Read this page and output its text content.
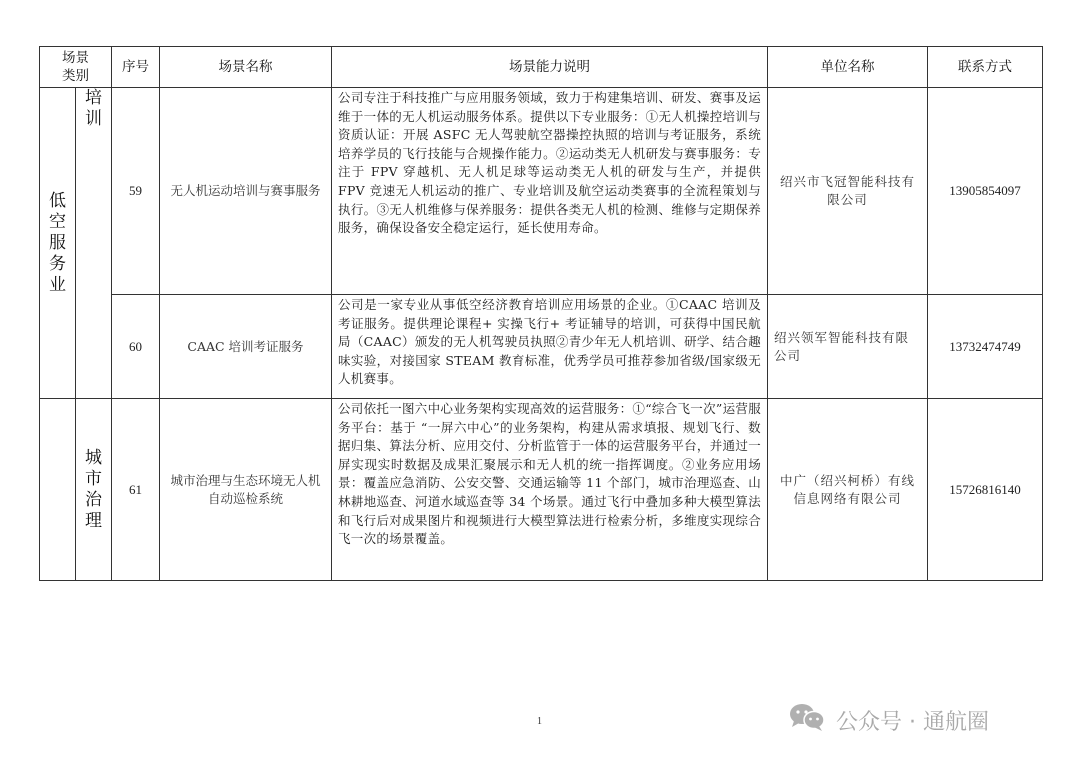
场景类别		序号	场景名称	场景能力说明	单位名称	联系方式
低空服务业	培训	59	无人机运动培训与赛事服务	公司专注于科技推广与应用服务领域，致力于构建集培训、研发、赛事及运维于一体的无人机运动服务体系。提供以下专业服务：①无人机操控培训与资质认证：开展 ASFC 无人驾驶航空器操控执照的培训与考证服务，系统培养学员的飞行技能与合规操作能力。②运动类无人机研发与赛事服务：专注于 FPV 穿越机、无人机足球等运动类无人机的研发与生产，并提供 FPV 竞速无人机运动的推广、专业培训及航空运动类赛事的全流程策划与执行。③无人机维修与保养服务：提供各类无人机的检测、维修与定期保养服务，确保设备安全稳定运行，延长使用寿命。	绍兴市飞冠智能科技有限公司	13905854097
		60	CAAC 培训考证服务	公司是一家专业从事低空经济教育培训应用场景的企业。①CAAC 培训及考证服务。提供理论课程+ 实操飞行+ 考证辅导的培训，可获得中国民航局（CAAC）颁发的无人机驾驶员执照②青少年无人机培训、研学、结合趣味实验，对接国家 STEAM 教育标准，优秀学员可推荐参加省级/国家级无人机赛事。	绍兴领军智能科技有限公司	13732474749
	城市治理	61	城市治理与生态环境无人机自动巡检系统	公司依托一图六中心业务架构实现高效的运营服务：①“综合飞一次”运营服务平台：基于 “一屏六中心”的业务架构，构建从需求填报、规划飞行、数据归集、算法分析、应用交付、分析监管于一体的运营服务平台，并通过一屏实现实时数据及成果汇聚展示和无人机的统一指挥调度。②业务应用场景：覆盖应急消防、公安交警、交通运输等 11 个部门，城市治理巡查、山林耕地巡查、河道水域巡查等 34 个场景。通过飞行中叠加多种大模型算法和飞行后对成果图片和视频进行大模型算法进行检索分析，多维度实现综合飞一次的场景覆盖。	中广（绍兴柯桥）有线信息网络有限公司	15726816140
1	公众号 · 通航圈
